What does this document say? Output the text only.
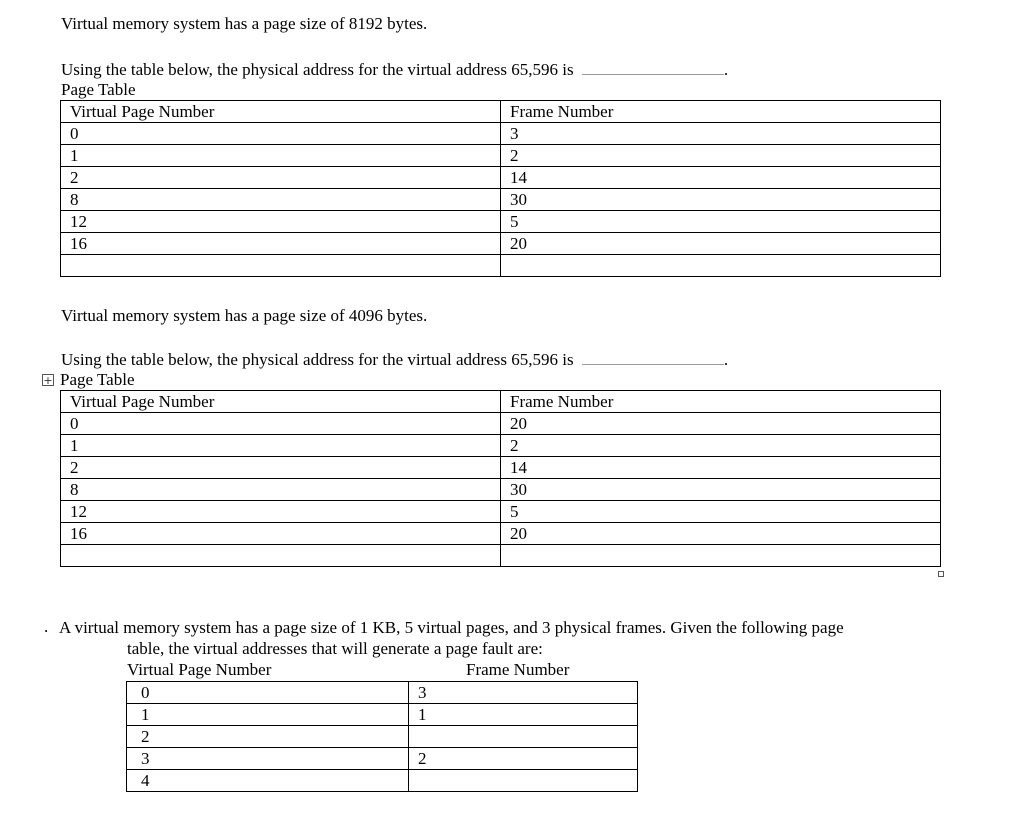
Virtual memory system has a page size of 8192 bytes.
Using the table below, the physical address for the virtual address 65,596 is	.
Page Table
Virtual Page Number	Frame Number
0	3
1	2
2	14
8	30
12	5
16	20

Virtual memory system has a page size of 4096 bytes.
Using the table below, the physical address for the virtual address 65,596 is	.
+ Page Table
Virtual Page Number	Frame Number
0	20
1	2
2	14
8	30
12	5
16	20

. A virtual memory system has a page size of 1 KB, 5 virtual pages, and 3 physical frames. Given the following page
table, the virtual addresses that will generate a page fault are:
Virtual Page Number	Frame Number
0	3
1	1
2	
3	2
4	
